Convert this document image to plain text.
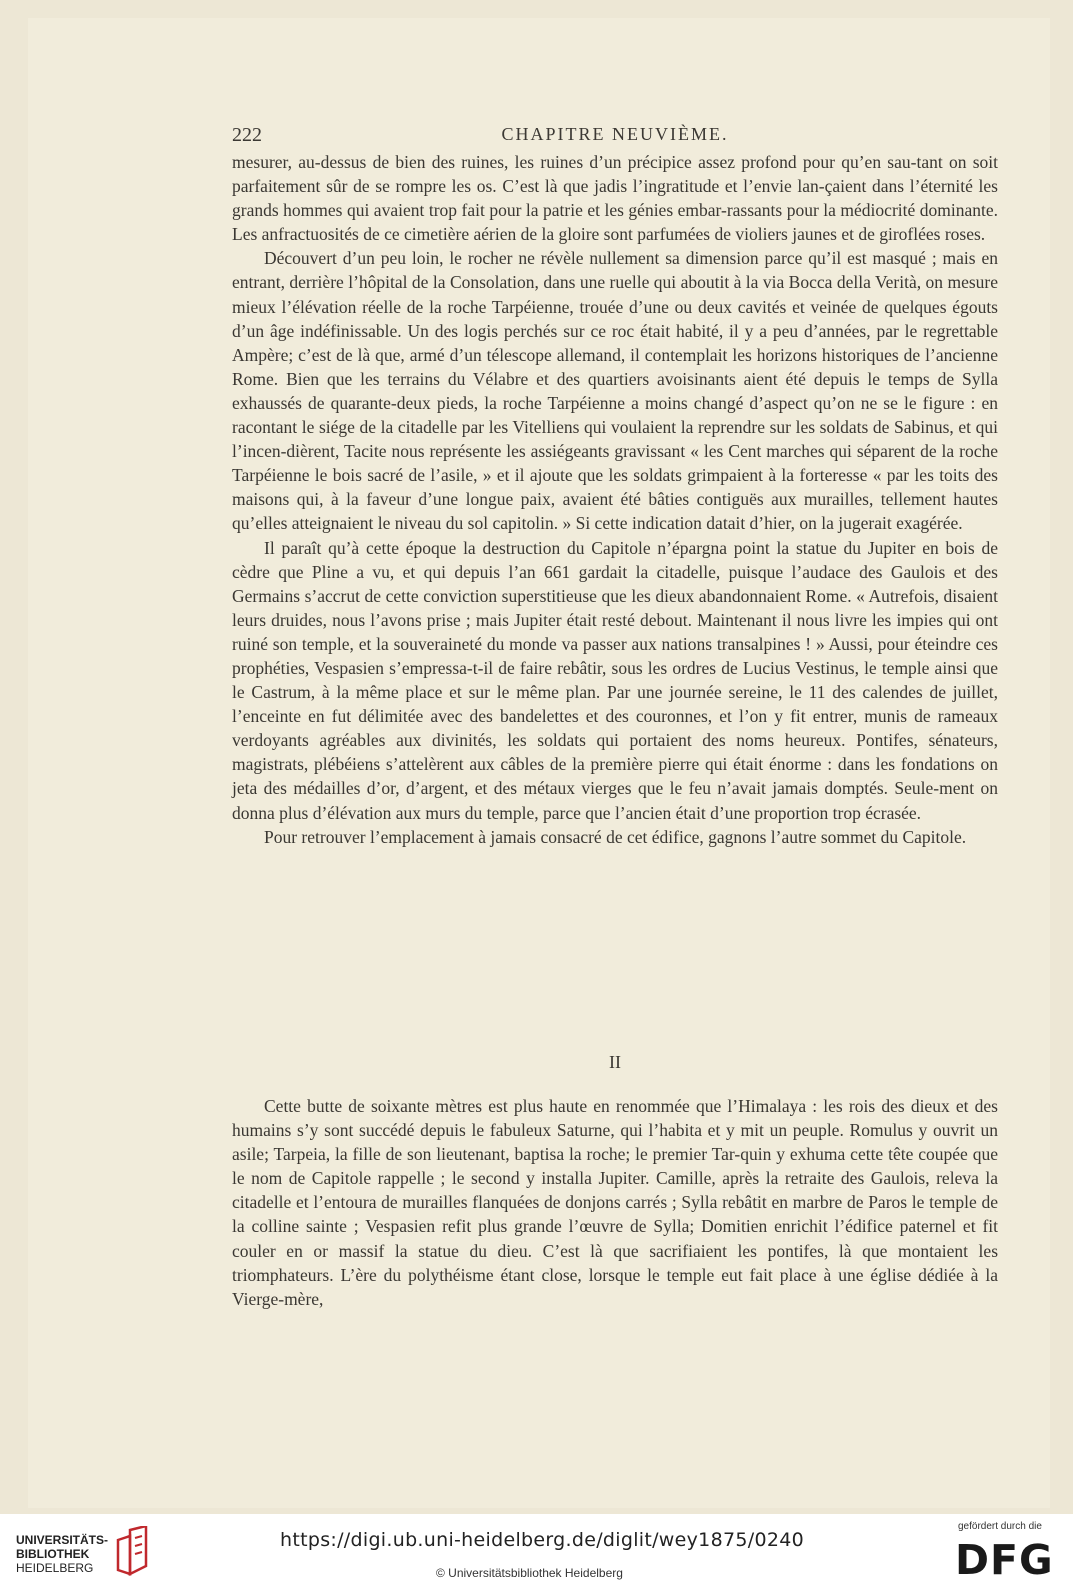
222	CHAPITRE NEUVIÈME.

mesurer, au-dessus de bien des ruines, les ruines d’un précipice assez profond pour qu’en sau-tant on soit parfaitement sûr de se rompre les os. C’est là que jadis l’ingratitude et l’envie lan-çaient dans l’éternité les grands hommes qui avaient trop fait pour la patrie et les génies embar-rassants pour la médiocrité dominante. Les anfractuosités de ce cimetière aérien de la gloire sont parfumées de violiers jaunes et de giroflées roses.

Découvert d’un peu loin, le rocher ne révèle nullement sa dimension parce qu’il est masqué ; mais en entrant, derrière l’hôpital de la Consolation, dans une ruelle qui aboutit à la via Bocca della Verità, on mesure mieux l’élévation réelle de la roche Tarpéienne, trouée d’une ou deux cavités et veinée de quelques égouts d’un âge indéfinissable. Un des logis perchés sur ce roc était habité, il y a peu d’années, par le regrettable Ampère; c’est de là que, armé d’un télescope allemand, il contemplait les horizons historiques de l’ancienne Rome. Bien que les terrains du Vélabre et des quartiers avoisinants aient été depuis le temps de Sylla exhaussés de quarante-deux pieds, la roche Tarpéienne a moins changé d’aspect qu’on ne se le figure : en racontant le siége de la citadelle par les Vitelliens qui voulaient la reprendre sur les soldats de Sabinus, et qui l’incen-dièrent, Tacite nous représente les assiégeants gravissant « les Cent marches qui séparent de la roche Tarpéienne le bois sacré de l’asile, » et il ajoute que les soldats grimpaient à la forteresse « par les toits des maisons qui, à la faveur d’une longue paix, avaient été bâties contiguës aux murailles, tellement hautes qu’elles atteignaient le niveau du sol capitolin. » Si cette indication datait d’hier, on la jugerait exagérée.

Il paraît qu’à cette époque la destruction du Capitole n’épargna point la statue du Jupiter en bois de cèdre que Pline a vu, et qui depuis l’an 661 gardait la citadelle, puisque l’audace des Gaulois et des Germains s’accrut de cette conviction superstitieuse que les dieux abandonnaient Rome. « Autrefois, disaient leurs druides, nous l’avons prise ; mais Jupiter était resté debout. Maintenant il nous livre les impies qui ont ruiné son temple, et la souveraineté du monde va passer aux nations transalpines ! » Aussi, pour éteindre ces prophéties, Vespasien s’empressa-t-il de faire rebâtir, sous les ordres de Lucius Vestinus, le temple ainsi que le Castrum, à la même place et sur le même plan. Par une journée sereine, le 11 des calendes de juillet, l’enceinte en fut délimitée avec des bandelettes et des couronnes, et l’on y fit entrer, munis de rameaux verdoyants agréables aux divinités, les soldats qui portaient des noms heureux. Pontifes, sénateurs, magistrats, plébéiens s’attelèrent aux câbles de la première pierre qui était énorme : dans les fondations on jeta des médailles d’or, d’argent, et des métaux vierges que le feu n’avait jamais domptés. Seule-ment on donna plus d’élévation aux murs du temple, parce que l’ancien était d’une proportion trop écrasée.

Pour retrouver l’emplacement à jamais consacré de cet édifice, gagnons l’autre sommet du Capitole.

II

Cette butte de soixante mètres est plus haute en renommée que l’Himalaya : les rois des dieux et des humains s’y sont succédé depuis le fabuleux Saturne, qui l’habita et y mit un peuple. Romulus y ouvrit un asile; Tarpeia, la fille de son lieutenant, baptisa la roche; le premier Tar-quin y exhuma cette tête coupée que le nom de Capitole rappelle ; le second y installa Jupiter. Camille, après la retraite des Gaulois, releva la citadelle et l’entoura de murailles flanquées de donjons carrés ; Sylla rebâtit en marbre de Paros le temple de la colline sainte ; Vespasien refit plus grande l’œuvre de Sylla; Domitien enrichit l’édifice paternel et fit couler en or massif la statue du dieu. C’est là que sacrifiaient les pontifes, là que montaient les triomphateurs. L’ère du polythéisme étant close, lorsque le temple eut fait place à une église dédiée à la Vierge-mère,

UNIVERSITÄTS-
BIBLIOTHEK
HEIDELBERG
https://digi.ub.uni-heidelberg.de/diglit/wey1875/0240
© Universitätsbibliothek Heidelberg
gefördert durch die
DFG
